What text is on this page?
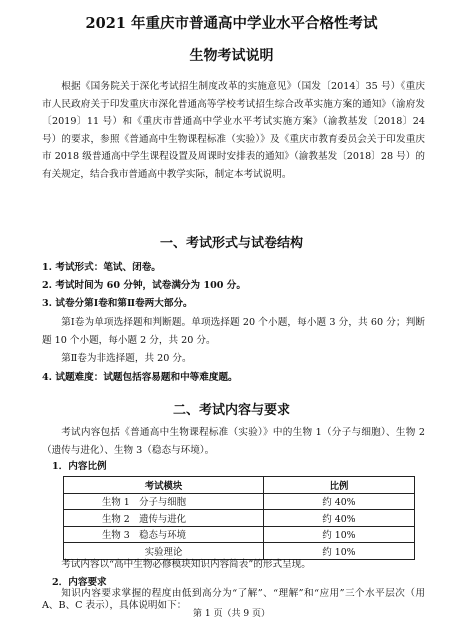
2021 年重庆市普通高中学业水平合格性考试
生物考试说明

根据《国务院关于深化考试招生制度改革的实施意见》（国发〔2014〕35 号）《重庆市人民政府关于印发重庆市深化普通高等学校考试招生综合改革实施方案的通知》（渝府发〔2019〕11 号）和《重庆市普通高中学业水平考试实施方案》（渝教基发〔2018〕24 号）的要求，参照《普通高中生物课程标准（实验）》及《重庆市教育委员会关于印发重庆市 2018 级普通高中学生课程设置及周课时安排表的通知》（渝教基发〔2018〕28 号）的有关规定，结合我市普通高中教学实际，制定本考试说明。

一、考试形式与试卷结构

1. 考试形式：笔试、闭卷。

2. 考试时间为 60 分钟，试卷满分为 100 分。

3. 试卷分第Ⅰ卷和第Ⅱ卷两大部分。

第Ⅰ卷为单项选择题和判断题。单项选择题 20 个小题，每小题 3 分，共 60 分；判断题 10 个小题，每小题 2 分，共 20 分。

第Ⅱ卷为非选择题，共 20 分。

4. 试题难度：试题包括容易题和中等难度题。

二、考试内容与要求

考试内容包括《普通高中生物课程标准（实验）》中的生物 1（分子与细胞）、生物 2（遗传与进化）、生物 3（稳态与环境）。

1．内容比例

考试模块	比例
生物 1　分子与细胞	约 40%
生物 2　遗传与进化	约 40%
生物 3　稳态与环境	约 10%
实验理论	约 10%

考试内容以“高中生物必修模块知识内容简表”的形式呈现。

2．内容要求

知识内容要求掌握的程度由低到高分为“了解”、“理解”和“应用”三个水平层次（用 A、B、C 表示），具体说明如下：

第 1 页（共 9 页）
